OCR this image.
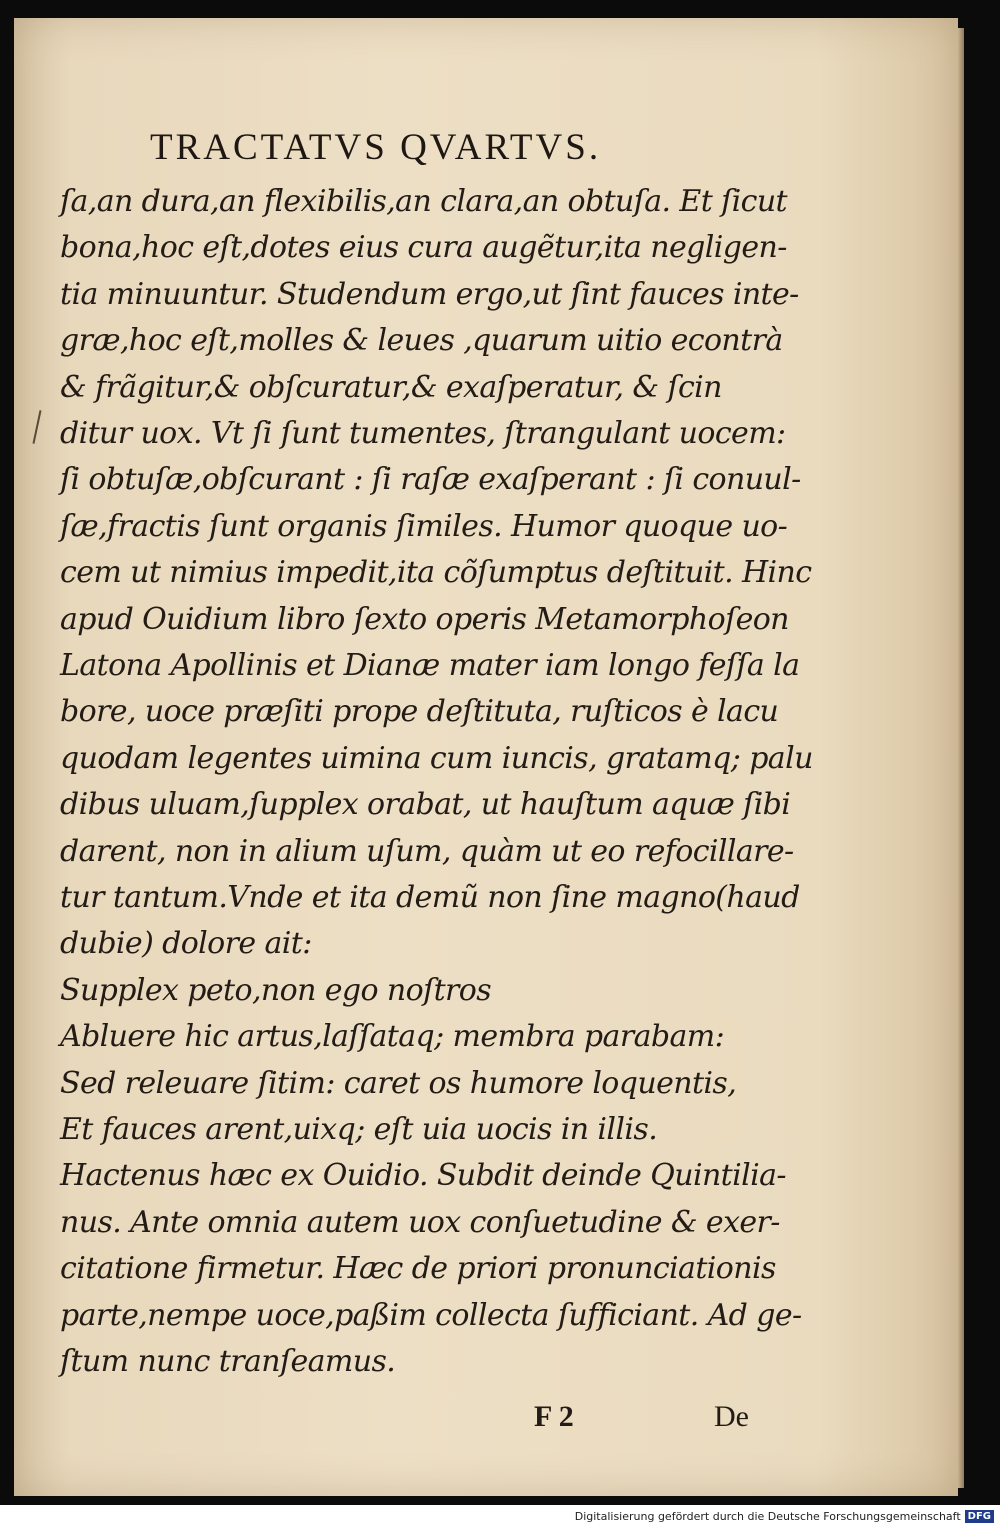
TRACTATVS QVARTVS.
ſa,an dura,an flexibilis,an clara,an obtuſa. Et ſicut
bona,hoc eſt,dotes eius cura augẽtur,ita negligen-
tia minuuntur. Studendum ergo,ut ſint fauces inte-
græ,hoc eſt,molles & leues ,quarum uitio econtrà
& frãgitur,& obſcuratur,& exaſperatur, & ſcin
ditur uox. Vt ſi ſunt tumentes, ſtrangulant uocem:
ſi obtuſæ,obſcurant : ſi raſæ exaſperant : ſi conuul-
ſæ,fractis ſunt organis ſimiles. Humor quoque uo-
cem ut nimius impedit,ita cõſumptus deſtituit. Hinc
apud Ouidium libro ſexto operis Metamorphoſeon
Latona Apollinis et Dianæ mater iam longo feſſa la
bore, uoce præſiti prope deſtituta, ruſticos è lacu
quodam legentes uimina cum iuncis, gratamq; palu
dibus uluam,ſupplex orabat, ut hauſtum aquæ ſibi
darent, non in alium uſum, quàm ut eo refocillare-
tur tantum.Vnde et ita demũ non ſine magno(haud
dubie) dolore ait:
Supplex peto,non ego noſtros
Abluere hic artus,laſſataq; membra parabam:
Sed releuare ſitim: caret os humore loquentis,
Et fauces arent,uixq; eſt uia uocis in illis.
Hactenus hæc ex Ouidio. Subdit deinde Quintilia-
nus. Ante omnia autem uox conſuetudine & exer-
citatione firmetur. Hæc de priori pronunciationis
parte,nempe uoce,paßim collecta ſufficiant. Ad ge-
ſtum nunc tranſeamus.
F 2	De
Digitalisierung gefördert durch die Deutsche Forschungsgemeinschaft DFG
